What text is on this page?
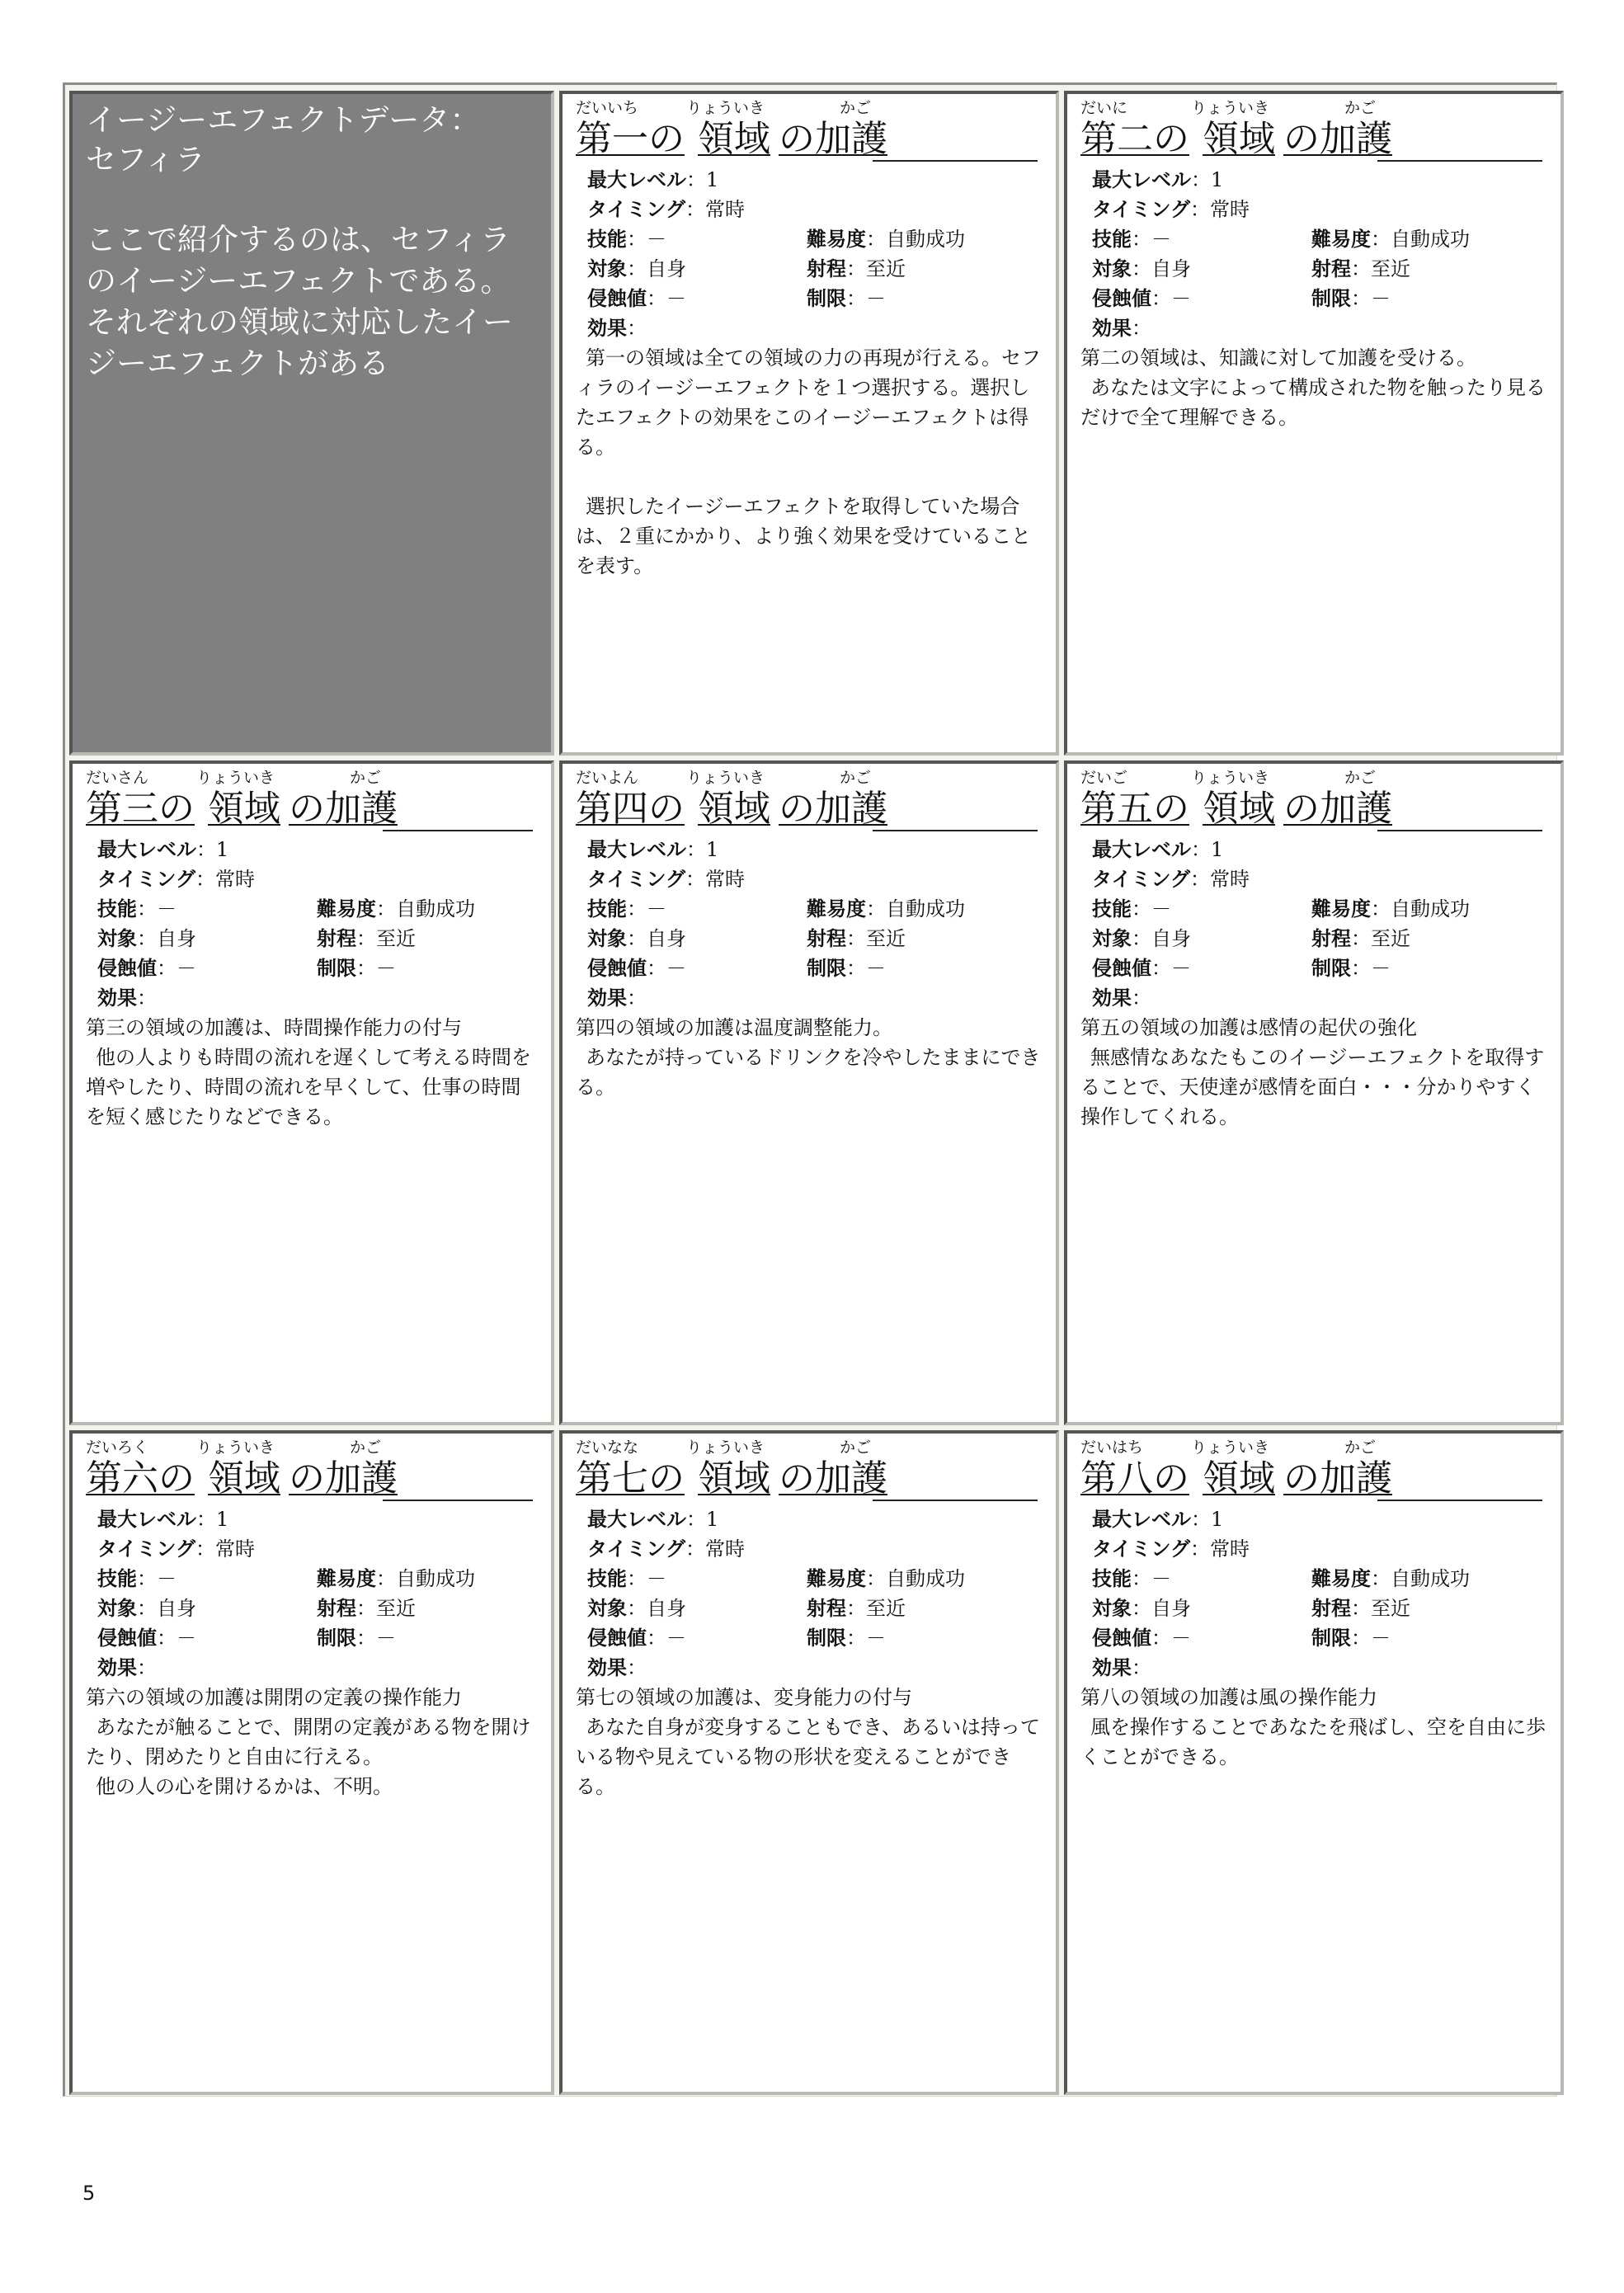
イージーエフェクトデータ：
セフィラ
ここで紹介するのは、セフィラのイージーエフェクトである。それぞれの領域に対応したイージーエフェクトがある
だいいち	りょういき	かご
第一の 領域 の加護
最大レベル：1
タイミング：常時
技能：－	難易度：自動成功
対象：自身	射程：至近
侵蝕値：－	制限：－
効果：

第一の領域は全ての領域の力の再現が行える。セフィラのイージーエフェクトを１つ選択する。選択したエフェクトの効果をこのイージーエフェクトは得る。

選択したイージーエフェクトを取得していた場合は、２重にかかり、より強く効果を受けていることを表す。

だいに	りょういき	かご
第二の 領域 の加護
最大レベル：1
タイミング：常時
技能：－	難易度：自動成功
対象：自身	射程：至近
侵蝕値：－	制限：－
効果：

第二の領域は、知識に対して加護を受ける。

あなたは文字によって構成された物を触ったり見るだけで全て理解できる。

だいさん	りょういき	かご
第三の 領域 の加護
最大レベル：1
タイミング：常時
技能：－	難易度：自動成功
対象：自身	射程：至近
侵蝕値：－	制限：－
効果：

第三の領域の加護は、時間操作能力の付与

他の人よりも時間の流れを遅くして考える時間を増やしたり、時間の流れを早くして、仕事の時間を短く感じたりなどできる。

だいよん	りょういき	かご
第四の 領域 の加護
最大レベル：1
タイミング：常時
技能：－	難易度：自動成功
対象：自身	射程：至近
侵蝕値：－	制限：－
効果：

第四の領域の加護は温度調整能力。

あなたが持っているドリンクを冷やしたままにできる。

だいご	りょういき	かご
第五の 領域 の加護
最大レベル：1
タイミング：常時
技能：－	難易度：自動成功
対象：自身	射程：至近
侵蝕値：－	制限：－
効果：

第五の領域の加護は感情の起伏の強化

無感情なあなたもこのイージーエフェクトを取得することで、天使達が感情を面白・・・分かりやすく操作してくれる。

だいろく	りょういき	かご
第六の 領域 の加護
最大レベル：1
タイミング：常時
技能：－	難易度：自動成功
対象：自身	射程：至近
侵蝕値：－	制限：－
効果：

第六の領域の加護は開閉の定義の操作能力

あなたが触ることで、開閉の定義がある物を開けたり、閉めたりと自由に行える。

他の人の心を開けるかは、不明。

だいなな	りょういき	かご
第七の 領域 の加護
最大レベル：1
タイミング：常時
技能：－	難易度：自動成功
対象：自身	射程：至近
侵蝕値：－	制限：－
効果：

第七の領域の加護は、変身能力の付与

あなた自身が変身することもでき、あるいは持っている物や見えている物の形状を変えることができる。

だいはち	りょういき	かご
第八の 領域 の加護
最大レベル：1
タイミング：常時
技能：－	難易度：自動成功
対象：自身	射程：至近
侵蝕値：－	制限：－
効果：

第八の領域の加護は風の操作能力

風を操作することであなたを飛ばし、空を自由に歩くことができる。

5
